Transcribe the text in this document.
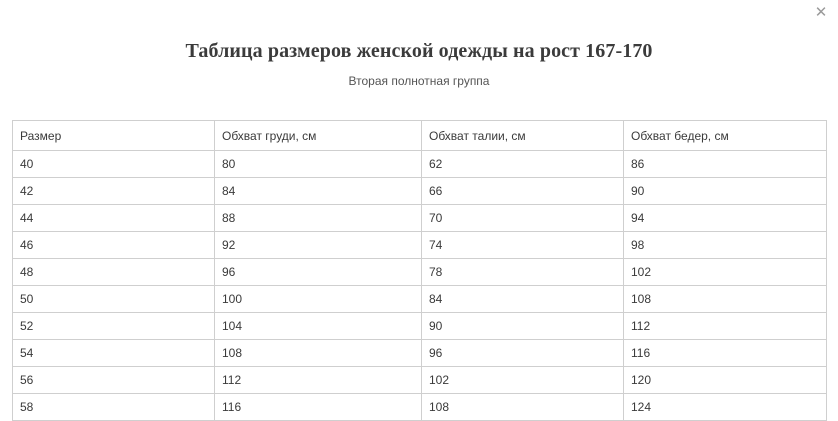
✕
Таблица размеров женской одежды на рост 167-170

Вторая полнотная группа

Размер	Обхват груди, см	Обхват талии, см	Обхват бедер, см
40	80	62	86
42	84	66	90
44	88	70	94
46	92	74	98
48	96	78	102
50	100	84	108
52	104	90	112
54	108	96	116
56	112	102	120
58	116	108	124
